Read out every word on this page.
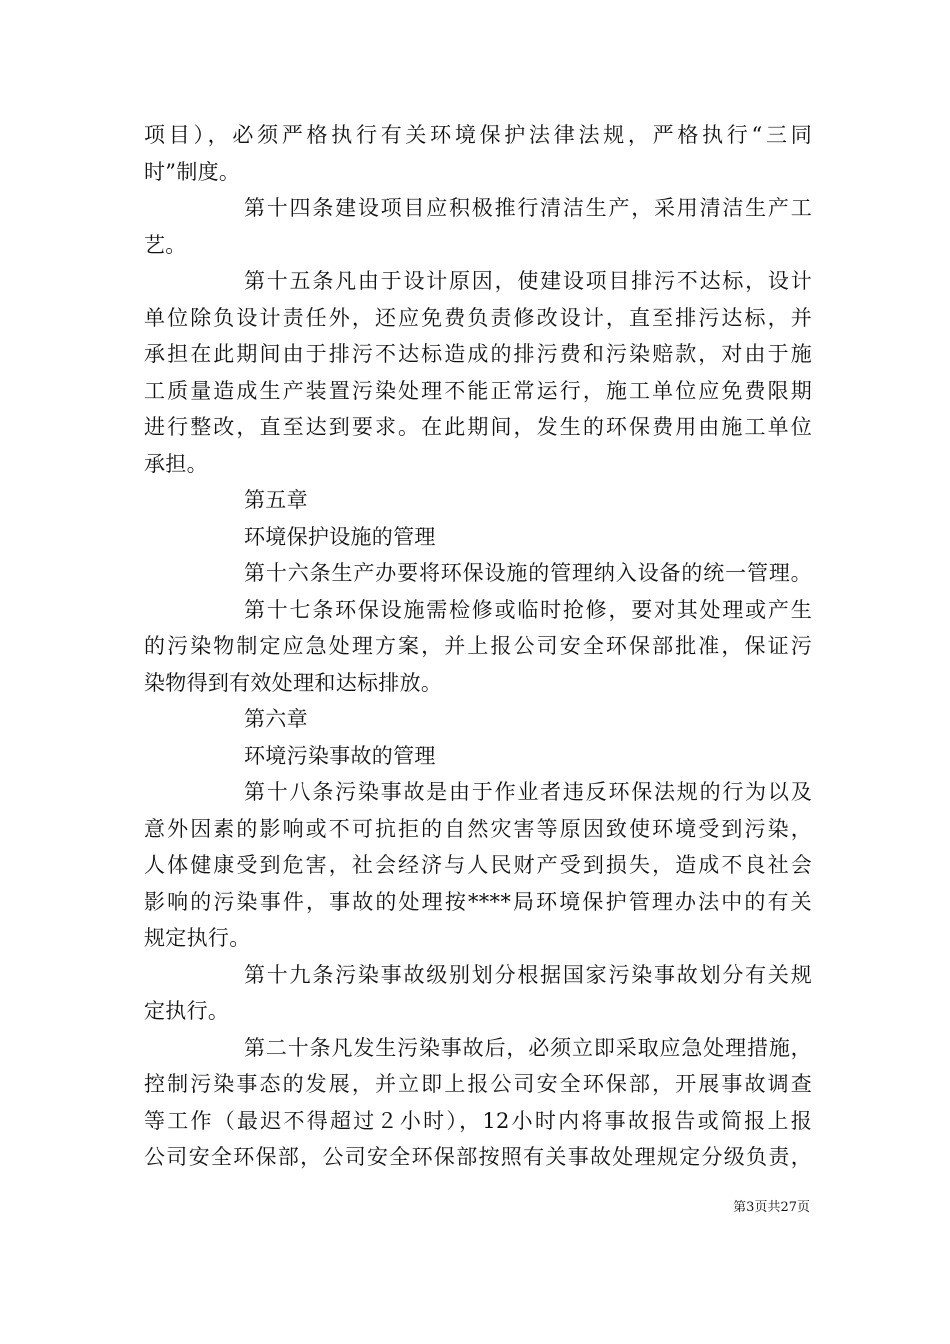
项目），必须严格执行有关环境保护法律法规，严格执行“三同
时”制度。
第十四条建设项目应积极推行清洁生产，采用清洁生产工
艺。
第十五条凡由于设计原因，使建设项目排污不达标，设计
单位除负设计责任外，还应免费负责修改设计，直至排污达标，并
承担在此期间由于排污不达标造成的排污费和污染赔款，对由于施
工质量造成生产装置污染处理不能正常运行，施工单位应免费限期
进行整改，直至达到要求。在此期间，发生的环保费用由施工单位
承担。
第五章
环境保护设施的管理
第十六条生产办要将环保设施的管理纳入设备的统一管理。
第十七条环保设施需检修或临时抢修，要对其处理或产生
的污染物制定应急处理方案，并上报公司安全环保部批准，保证污
染物得到有效处理和达标排放。
第六章
环境污染事故的管理
第十八条污染事故是由于作业者违反环保法规的行为以及
意外因素的影响或不可抗拒的自然灾害等原因致使环境受到污染，
人体健康受到危害，社会经济与人民财产受到损失，造成不良社会
影响的污染事件，事故的处理按****局环境保护管理办法中的有关
规定执行。
第十九条污染事故级别划分根据国家污染事故划分有关规
定执行。
第二十条凡发生污染事故后，必须立即采取应急处理措施，
控制污染事态的发展，并立即上报公司安全环保部，开展事故调查
等工作（最迟不得超过２小时），12小时内将事故报告或简报上报
公司安全环保部，公司安全环保部按照有关事故处理规定分级负责，
第3页共27页
